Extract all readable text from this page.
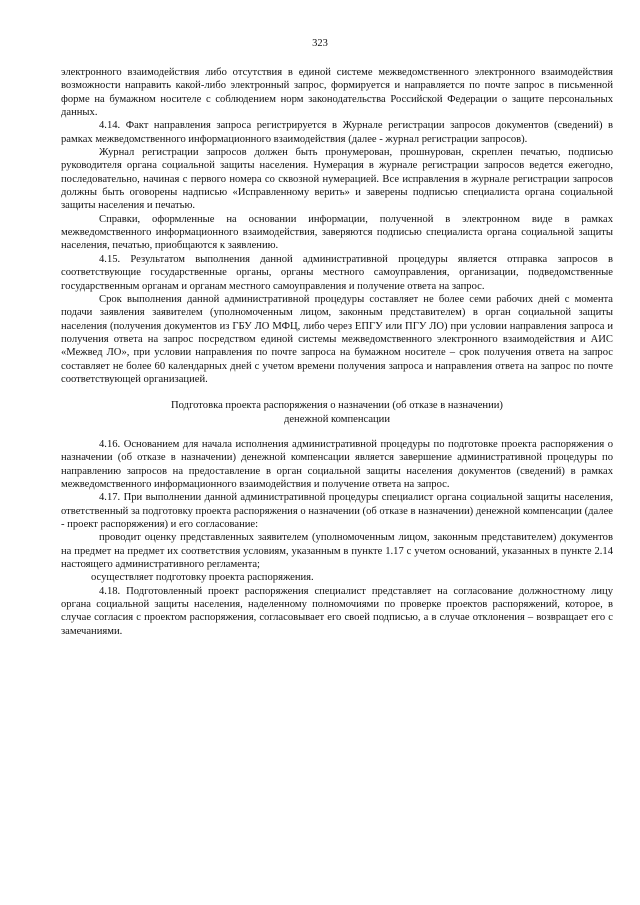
323

электронного взаимодействия либо отсутствия в единой системе межведомственного электронного взаимодействия возможности направить какой-либо электронный запрос, формируется и направляется по почте запрос в письменной форме на бумажном носителе с соблюдением норм законодательства Российской Федерации о защите персональных данных.

4.14. Факт направления запроса регистрируется в Журнале регистрации запросов документов (сведений) в рамках межведомственного информационного взаимодействия (далее - журнал регистрации запросов).

Журнал регистрации запросов должен быть пронумерован, прошнурован, скреплен печатью, подписью руководителя органа социальной защиты населения. Нумерация в журнале регистрации запросов ведется ежегодно, последовательно, начиная с первого номера со сквозной нумерацией. Все исправления в журнале регистрации запросов должны быть оговорены надписью «Исправленному верить» и заверены подписью специалиста органа социальной защиты населения и печатью.

Справки, оформленные на основании информации, полученной в электронном виде в рамках межведомственного информационного взаимодействия, заверяются подписью специалиста органа социальной защиты населения, печатью, приобщаются к заявлению.

4.15. Результатом выполнения данной административной процедуры является отправка запросов в соответствующие государственные органы, органы местного самоуправления, организации, подведомственные государственным органам и органам местного самоуправления и получение ответа на запрос.

Срок выполнения данной административной процедуры составляет не более семи рабочих дней с момента подачи заявления заявителем (уполномоченным лицом, законным представителем) в орган социальной защиты населения (получения документов из ГБУ ЛО МФЦ, либо через ЕПГУ или ПГУ ЛО) при условии направления запроса и получения ответа на запрос посредством единой системы межведомственного электронного взаимодействия и АИС «Межвед ЛО», при условии направления по почте запроса на бумажном носителе – срок получения ответа на запрос составляет не более 60 календарных дней с учетом времени получения запроса и направления ответа на запрос по почте соответствующей организацией.

Подготовка проекта распоряжения о назначении (об отказе в назначении)
денежной компенсации

4.16. Основанием для начала исполнения административной процедуры по подготовке проекта распоряжения о назначении (об отказе в назначении) денежной компенсации является завершение административной процедуры по направлению запросов на предоставление в орган социальной защиты населения документов (сведений) в рамках межведомственного информационного взаимодействия и получение ответа на запрос.

4.17. При выполнении данной административной процедуры специалист органа социальной защиты населения, ответственный за подготовку проекта распоряжения о назначении (об отказе в назначении) денежной компенсации (далее - проект распоряжения) и его согласование:

проводит оценку представленных заявителем (уполномоченным лицом, законным представителем) документов на предмет на предмет их соответствия условиям, указанным в пункте 1.17 с учетом оснований, указанных в пункте 2.14 настоящего административного регламента;

осуществляет подготовку проекта распоряжения.

4.18. Подготовленный проект распоряжения специалист представляет на согласование должностному лицу органа социальной защиты населения, наделенному полномочиями по проверке проектов распоряжений, которое, в случае согласия с проектом распоряжения, согласовывает его своей подписью, а в случае отклонения – возвращает его с замечаниями.
